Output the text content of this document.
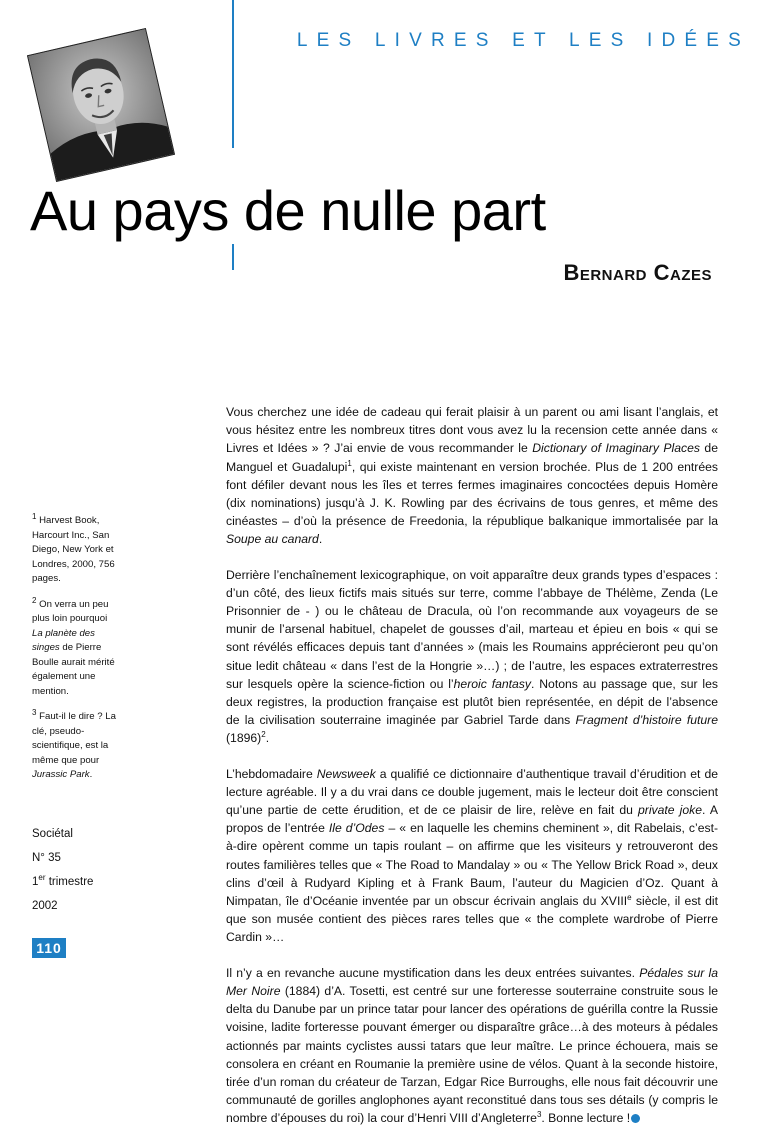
LES LIVRES ET LES IDÉES
Au pays de nulle part
Bernard Cazes

Vous cherchez une idée de cadeau qui ferait plaisir à un parent ou ami lisant l’anglais, et vous hésitez entre les nombreux titres dont vous avez lu la recension cette année dans « Livres et Idées » ? J’ai envie de vous recommander le Dictionary of Imaginary Places de Manguel et Guadalupi$^1$, qui existe maintenant en version brochée. Plus de 1 200 entrées font défiler devant nous les îles et terres fermes imaginaires concoctées depuis Homère (dix nominations) jusqu’à J. K. Rowling par des écrivains de tous genres, et même des cinéastes – d’où la présence de Freedonia, la république balkanique immortalisée par la Soupe au canard.

Derrière l’enchaînement lexicographique, on voit apparaître deux grands types d’espaces : d’un côté, des lieux fictifs mais situés sur terre, comme l’abbaye de Thélème, Zenda (Le Prisonnier de - ) ou le château de Dracula, où l’on recommande aux voyageurs de se munir de l’arsenal habituel, chapelet de gousses d’ail, marteau et épieu en bois « qui se sont révélés efficaces depuis tant d’années » (mais les Roumains apprécieront peu qu’on situe ledit château « dans l’est de la Hongrie »…) ; de l’autre, les espaces extraterrestres sur lesquels opère la science-fiction ou l’heroic fantasy. Notons au passage que, sur les deux registres, la production française est plutôt bien représentée, en dépit de l’absence de la civilisation souterraine imaginée par Gabriel Tarde dans Fragment d’histoire future $(1896)^2$.

L’hebdomadaire Newsweek a qualifié ce dictionnaire d’authentique travail d’érudition et de lecture agréable. Il y a du vrai dans ce double jugement, mais le lecteur doit être conscient qu’une partie de cette érudition, et de ce plaisir de lire, relève en fait du private joke. A propos de l’entrée Ile d’Odes – « en laquelle les chemins cheminent », dit Rabelais, c’est-à-dire opèrent comme un tapis roulant – on affirme que les visiteurs y retrouveront des routes familières telles que « The Road to Mandalay » ou « The Yellow Brick Road », deux clins d’œil à Rudyard Kipling et à Frank Baum, l’auteur du Magicien d’Oz. Quant à Nimpatan, île d’Océanie inventée par un obscur écrivain anglais du XVIIIe siècle, il est dit que son musée contient des pièces rares telles que « the complete wardrobe of Pierre Cardin »…

Il n’y a en revanche aucune mystification dans les deux entrées suivantes. Pédales sur la Mer Noire (1884) d’A. Tosetti, est centré sur une forteresse souterraine construite sous le delta du Danube par un prince tatar pour lancer des opérations de guérilla contre la Russie voisine, ladite forteresse pouvant émerger ou disparaître grâce…à des moteurs à pédales actionnés par maints cyclistes aussi tatars que leur maître. Le prince échouera, mais se consolera en créant en Roumanie la première usine de vélos. Quant à la seconde histoire, tirée d’un roman du créateur de Tarzan, Edgar Rice Burroughs, elle nous fait découvrir une communauté de gorilles anglophones ayant reconstitué dans tous ses détails (y compris le nombre d’épouses du roi) la cour d’Henri VIII d’Angleterre$^3$. Bonne lecture !

$^1$ Harvest Book, Harcourt Inc., San Diego, New York et Londres, 2000, 756 pages.
$^2$ On verra un peu plus loin pourquoi La planète des singes de Pierre Boulle aurait mérité également une mention.
$^3$ Faut-il le dire ? La clé, pseudo-scientifique, est la même que pour Jurassic Park.
Sociétal
N° 35
1er trimestre
2002
110
